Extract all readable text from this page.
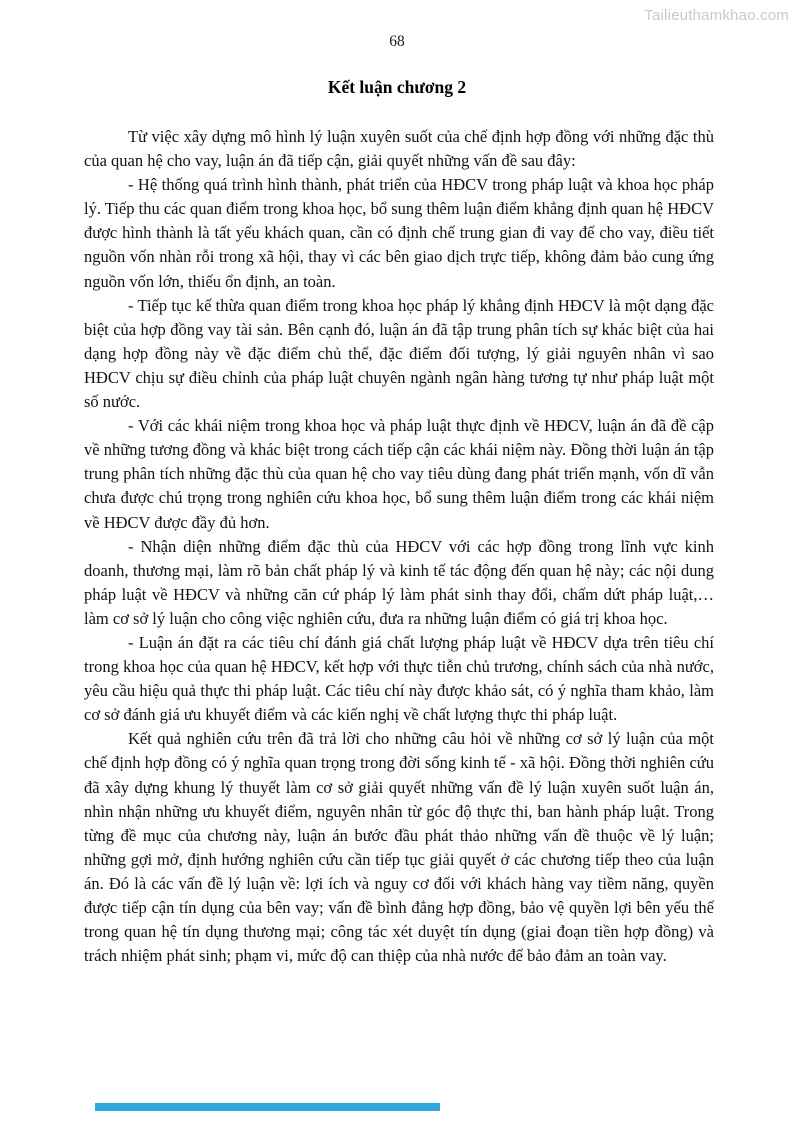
Tailieuthamkhao.com
68
Kết luận chương 2

Từ việc xây dựng mô hình lý luận xuyên suốt của chế định hợp đồng với những đặc thù của quan hệ cho vay, luận án đã tiếp cận, giải quyết những vấn đề sau đây:

- Hệ thống quá trình hình thành, phát triển của HĐCV trong pháp luật và khoa học pháp lý. Tiếp thu các quan điểm trong khoa học, bổ sung thêm luận điểm khẳng định quan hệ HĐCV được hình thành là tất yếu khách quan, cần có định chế trung gian đi vay để cho vay, điều tiết nguồn vốn nhàn rỗi trong xã hội, thay vì các bên giao dịch trực tiếp, không đảm bảo cung ứng nguồn vốn lớn, thiếu ổn định, an toàn.

- Tiếp tục kế thừa quan điểm trong khoa học pháp lý khẳng định HĐCV là một dạng đặc biệt của hợp đồng vay tài sản. Bên cạnh đó, luận án đã tập trung phân tích sự khác biệt của hai dạng hợp đồng này về đặc điểm chủ thể, đặc điểm đối tượng, lý giải nguyên nhân vì sao HĐCV chịu sự điều chỉnh của pháp luật chuyên ngành ngân hàng tương tự như pháp luật một số nước.

- Với các khái niệm trong khoa học và pháp luật thực định về HĐCV, luận án đã đề cập về những tương đồng và khác biệt trong cách tiếp cận các khái niệm này. Đồng thời luận án tập trung phân tích những đặc thù của quan hệ cho vay tiêu dùng đang phát triển mạnh, vốn dĩ vẫn chưa được chú trọng trong nghiên cứu khoa học, bổ sung thêm luận điểm trong các khái niệm về HĐCV được đầy đủ hơn.

- Nhận diện những điểm đặc thù của HĐCV với các hợp đồng trong lĩnh vực kinh doanh, thương mại, làm rõ bản chất pháp lý và kinh tế tác động đến quan hệ này; các nội dung pháp luật về HĐCV và những căn cứ pháp lý làm phát sinh thay đổi, chấm dứt pháp luật,… làm cơ sở lý luận cho công việc nghiên cứu, đưa ra những luận điểm có giá trị khoa học.

- Luận án đặt ra các tiêu chí đánh giá chất lượng pháp luật về HĐCV dựa trên tiêu chí trong khoa học của quan hệ HĐCV, kết hợp với thực tiễn chủ trương, chính sách của nhà nước, yêu cầu hiệu quả thực thi pháp luật. Các tiêu chí này được khảo sát, có ý nghĩa tham khảo, làm cơ sở đánh giá ưu khuyết điểm và các kiến nghị về chất lượng thực thi pháp luật.

Kết quả nghiên cứu trên đã trả lời cho những câu hỏi về những cơ sở lý luận của một chế định hợp đồng có ý nghĩa quan trọng trong đời sống kinh tế - xã hội. Đồng thời nghiên cứu đã xây dựng khung lý thuyết làm cơ sở giải quyết những vấn đề lý luận xuyên suốt luận án, nhìn nhận những ưu khuyết điểm, nguyên nhân từ góc độ thực thi, ban hành pháp luật. Trong từng đề mục của chương này, luận án bước đầu phát thảo những vấn đề thuộc về lý luận; những gợi mở, định hướng nghiên cứu cần tiếp tục giải quyết ở các chương tiếp theo của luận án. Đó là các vấn đề lý luận về: lợi ích và nguy cơ đối với khách hàng vay tiềm năng, quyền được tiếp cận tín dụng của bên vay; vấn đề bình đẳng hợp đồng, bảo vệ quyền lợi bên yếu thế trong quan hệ tín dụng thương mại; công tác xét duyệt tín dụng (giai đoạn tiền hợp đồng) và trách nhiệm phát sinh; phạm vi, mức độ can thiệp của nhà nước để bảo đảm an toàn vay.
